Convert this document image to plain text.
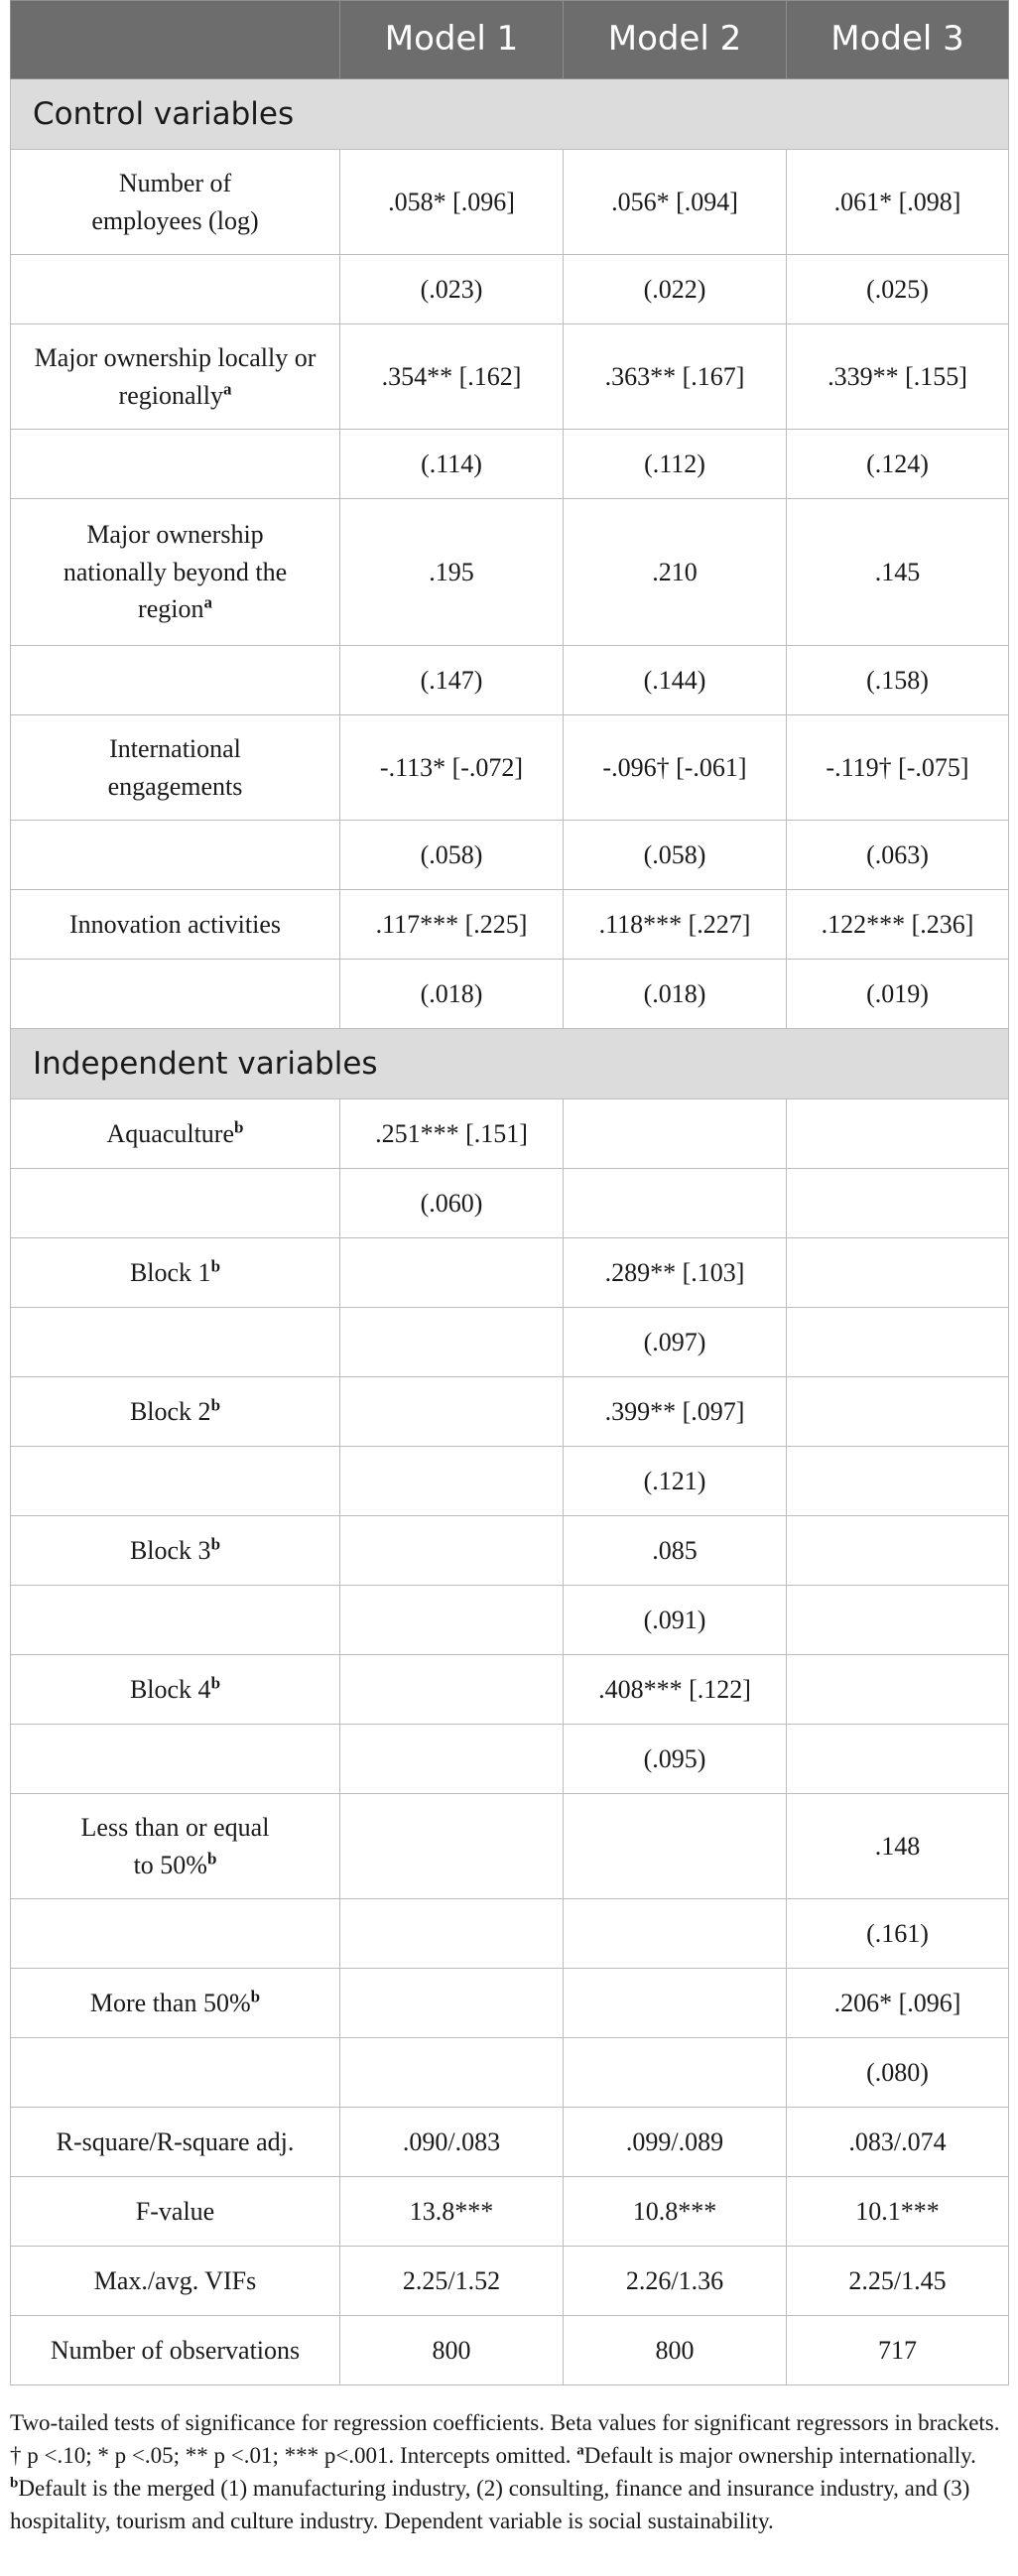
	Model 1	Model 2	Model 3
Control variables			
Number of employees (log)	.058* [.096]	.056* [.094]	.061* [.098]
	(.023)	(.022)	(.025)
Major ownership locally or regionally$^a$	.354** [.162]	.363** [.167]	.339** [.155]
	(.114)	(.112)	(.124)
Major ownership nationally beyond the region$^a$	.195	.210	.145
	(.147)	(.144)	(.158)
International engagements	-.113* [-.072]	-.096† [-.061]	-.119† [-.075]
	(.058)	(.058)	(.063)
Innovation activities	.117*** [.225]	.118*** [.227]	.122*** [.236]
	(.018)	(.018)	(.019)
Independent variables			
Aquaculture$^b$	.251*** [.151]		
	(.060)		
Block 1$^b$		.289** [.103]	
		(.097)	
Block 2$^b$		.399** [.097]	
		(.121)	
Block 3$^b$		.085	
		(.091)	
Block 4$^b$		.408*** [.122]	
		(.095)	
Less than or equal to 50%$^b$			.148
			(.161)
More than 50%$^b$			.206* [.096]
			(.080)
R-square/R-square adj.	.090/.083	.099/.089	.083/.074
F-value	13.8***	10.8***	10.1***
Max./avg. VIFs	2.25/1.52	2.26/1.36	2.25/1.45
Number of observations	800	800	717
Two-tailed tests of significance for regression coefficients. Beta values for significant regressors in brackets. † p <.10; * p <.05; ** p <.01; *** p<.001. Intercepts omitted. $^a$Default is major ownership internationally. $^b$Default is the merged (1) manufacturing industry, (2) consulting, finance and insurance industry, and (3) hospitality, tourism and culture industry. Dependent variable is social sustainability.
